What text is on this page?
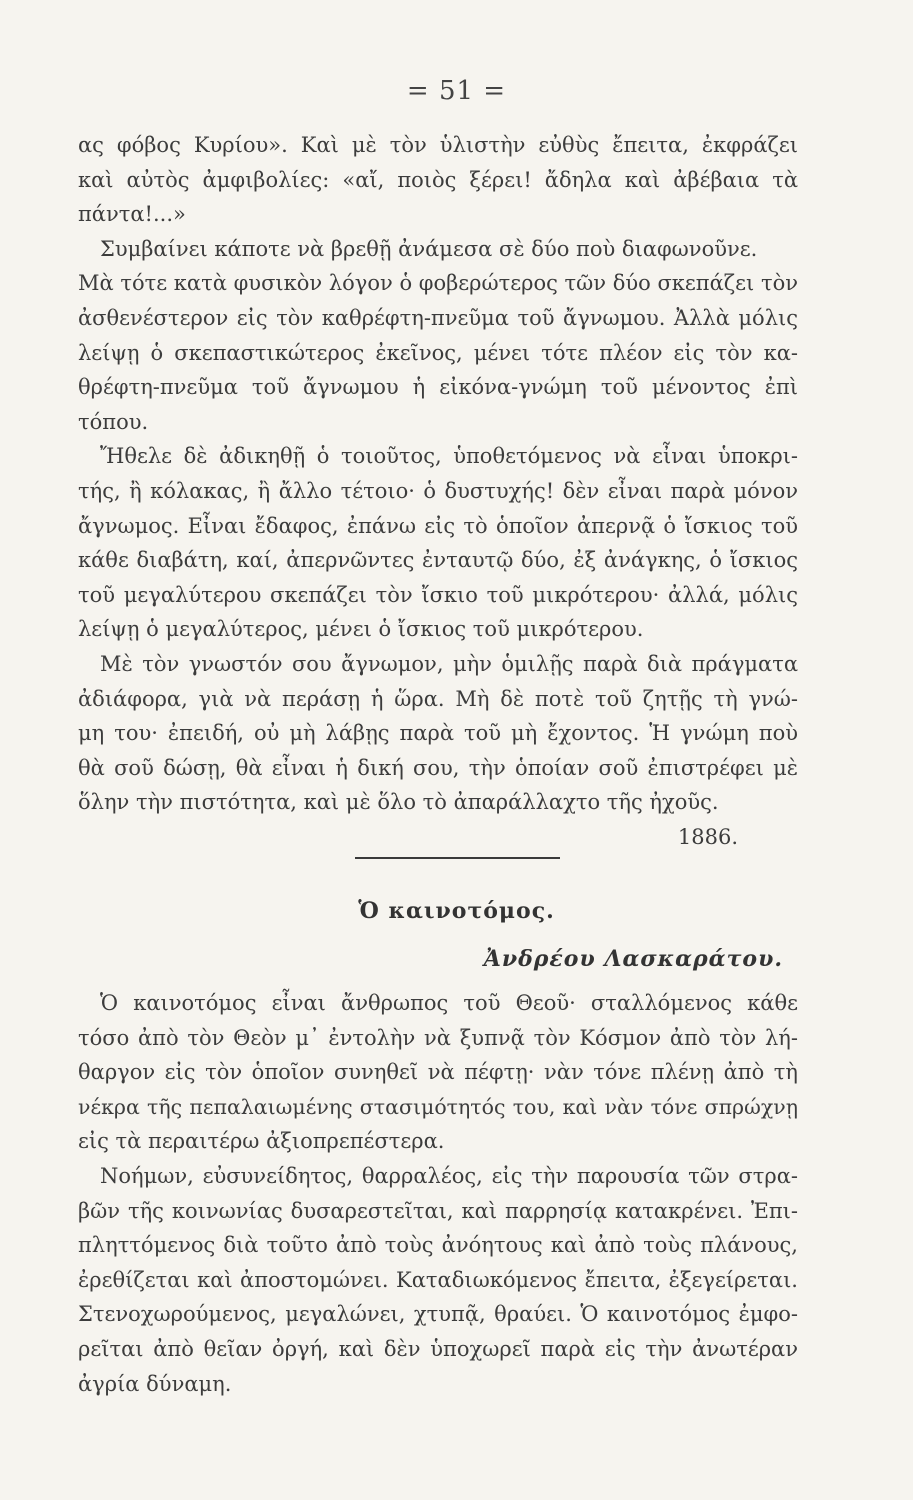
= 51 =
ας φόβος Κυρίου». Καὶ μὲ τὸν ὑλιστὴν εὐθὺς ἔπειτα, ἐκφράζει
καὶ αὐτὸς ἀμφιβολίες: «αἴ, ποιὸς ξέρει! ἄδηλα καὶ ἀβέβαια τὰ
πάντα!...»
Συμβαίνει κάποτε νὰ βρεθῇ ἀνάμεσα σὲ δύο ποὺ διαφωνοῦνε.
Μὰ τότε κατὰ φυσικὸν λόγον ὁ φοβερώτερος τῶν δύο σκεπάζει τὸν
ἀσθενέστερον εἰς τὸν καθρέφτη-πνεῦμα τοῦ ἄγνωμου. Ἀλλὰ μόλις
λείψῃ ὁ σκεπαστικώτερος ἐκεῖνος, μένει τότε πλέον εἰς τὸν κα-
θρέφτη-πνεῦμα τοῦ ἄγνωμου ἡ εἰκόνα-γνώμη τοῦ μένοντος ἐπὶ
τόπου.
Ἤθελε δὲ ἀδικηθῇ ὁ τοιοῦτος, ὑποθετόμενος νὰ εἶναι ὑποκρι-
τής, ἢ κόλακας, ἢ ἄλλο τέτοιο· ὁ δυστυχής! δὲν εἶναι παρὰ μόνον
ἄγνωμος. Εἶναι ἔδαφος, ἐπάνω εἰς τὸ ὁποῖον ἀπερνᾷ ὁ ἴσκιος τοῦ
κάθε διαβάτη, καί, ἀπερνῶντες ἐνταυτῷ δύο, ἐξ ἀνάγκης, ὁ ἴσκιος
τοῦ μεγαλύτερου σκεπάζει τὸν ἴσκιο τοῦ μικρότερου· ἀλλά, μόλις
λείψῃ ὁ μεγαλύτερος, μένει ὁ ἴσκιος τοῦ μικρότερου.
Μὲ τὸν γνωστόν σου ἄγνωμον, μὴν ὁμιλῇς παρὰ διὰ πράγματα
ἀδιάφορα, γιὰ νὰ περάσῃ ἡ ὥρα. Μὴ δὲ ποτὲ τοῦ ζητῇς τὴ γνώ-
μη του· ἐπειδή, οὐ μὴ λάβῃς παρὰ τοῦ μὴ ἔχοντος. Ἡ γνώμη ποὺ
θὰ σοῦ δώσῃ, θὰ εἶναι ἡ δική σου, τὴν ὁποίαν σοῦ ἐπιστρέφει μὲ
ὅλην τὴν πιστότητα, καὶ μὲ ὅλο τὸ ἀπαράλλαχτο τῆς ἠχοῦς.
1886.
Ὁ καινοτόμος.
Ἀνδρέου Λασκαράτου.
Ὁ καινοτόμος εἶναι ἄνθρωπος τοῦ Θεοῦ· σταλλόμενος κάθε
τόσο ἀπὸ τὸν Θεὸν μ᾽ ἐντολὴν νὰ ξυπνᾷ τὸν Κόσμον ἀπὸ τὸν λή-
θαργον εἰς τὸν ὁποῖον συνηθεῖ νὰ πέφτῃ· νὰν τόνε πλένῃ ἀπὸ τὴ
νέκρα τῆς πεπαλαιωμένης στασιμότητός του, καὶ νὰν τόνε σπρώχνῃ
εἰς τὰ περαιτέρω ἀξιοπρεπέστερα.
Νοήμων, εὐσυνείδητος, θαρραλέος, εἰς τὴν παρουσία τῶν στρα-
βῶν τῆς κοινωνίας δυσαρεστεῖται, καὶ παρρησίᾳ κατακρένει. Ἐπι-
πληττόμενος διὰ τοῦτο ἀπὸ τοὺς ἀνόητους καὶ ἀπὸ τοὺς πλάνους,
ἐρεθίζεται καὶ ἀποστομώνει. Καταδιωκόμενος ἔπειτα, ἐξεγείρεται.
Στενοχωρούμενος, μεγαλώνει, χτυπᾷ, θραύει. Ὁ καινοτόμος ἐμφο-
ρεῖται ἀπὸ θεῖαν ὀργή, καὶ δὲν ὑποχωρεῖ παρὰ εἰς τὴν ἀνωτέραν
ἀγρία δύναμη.
